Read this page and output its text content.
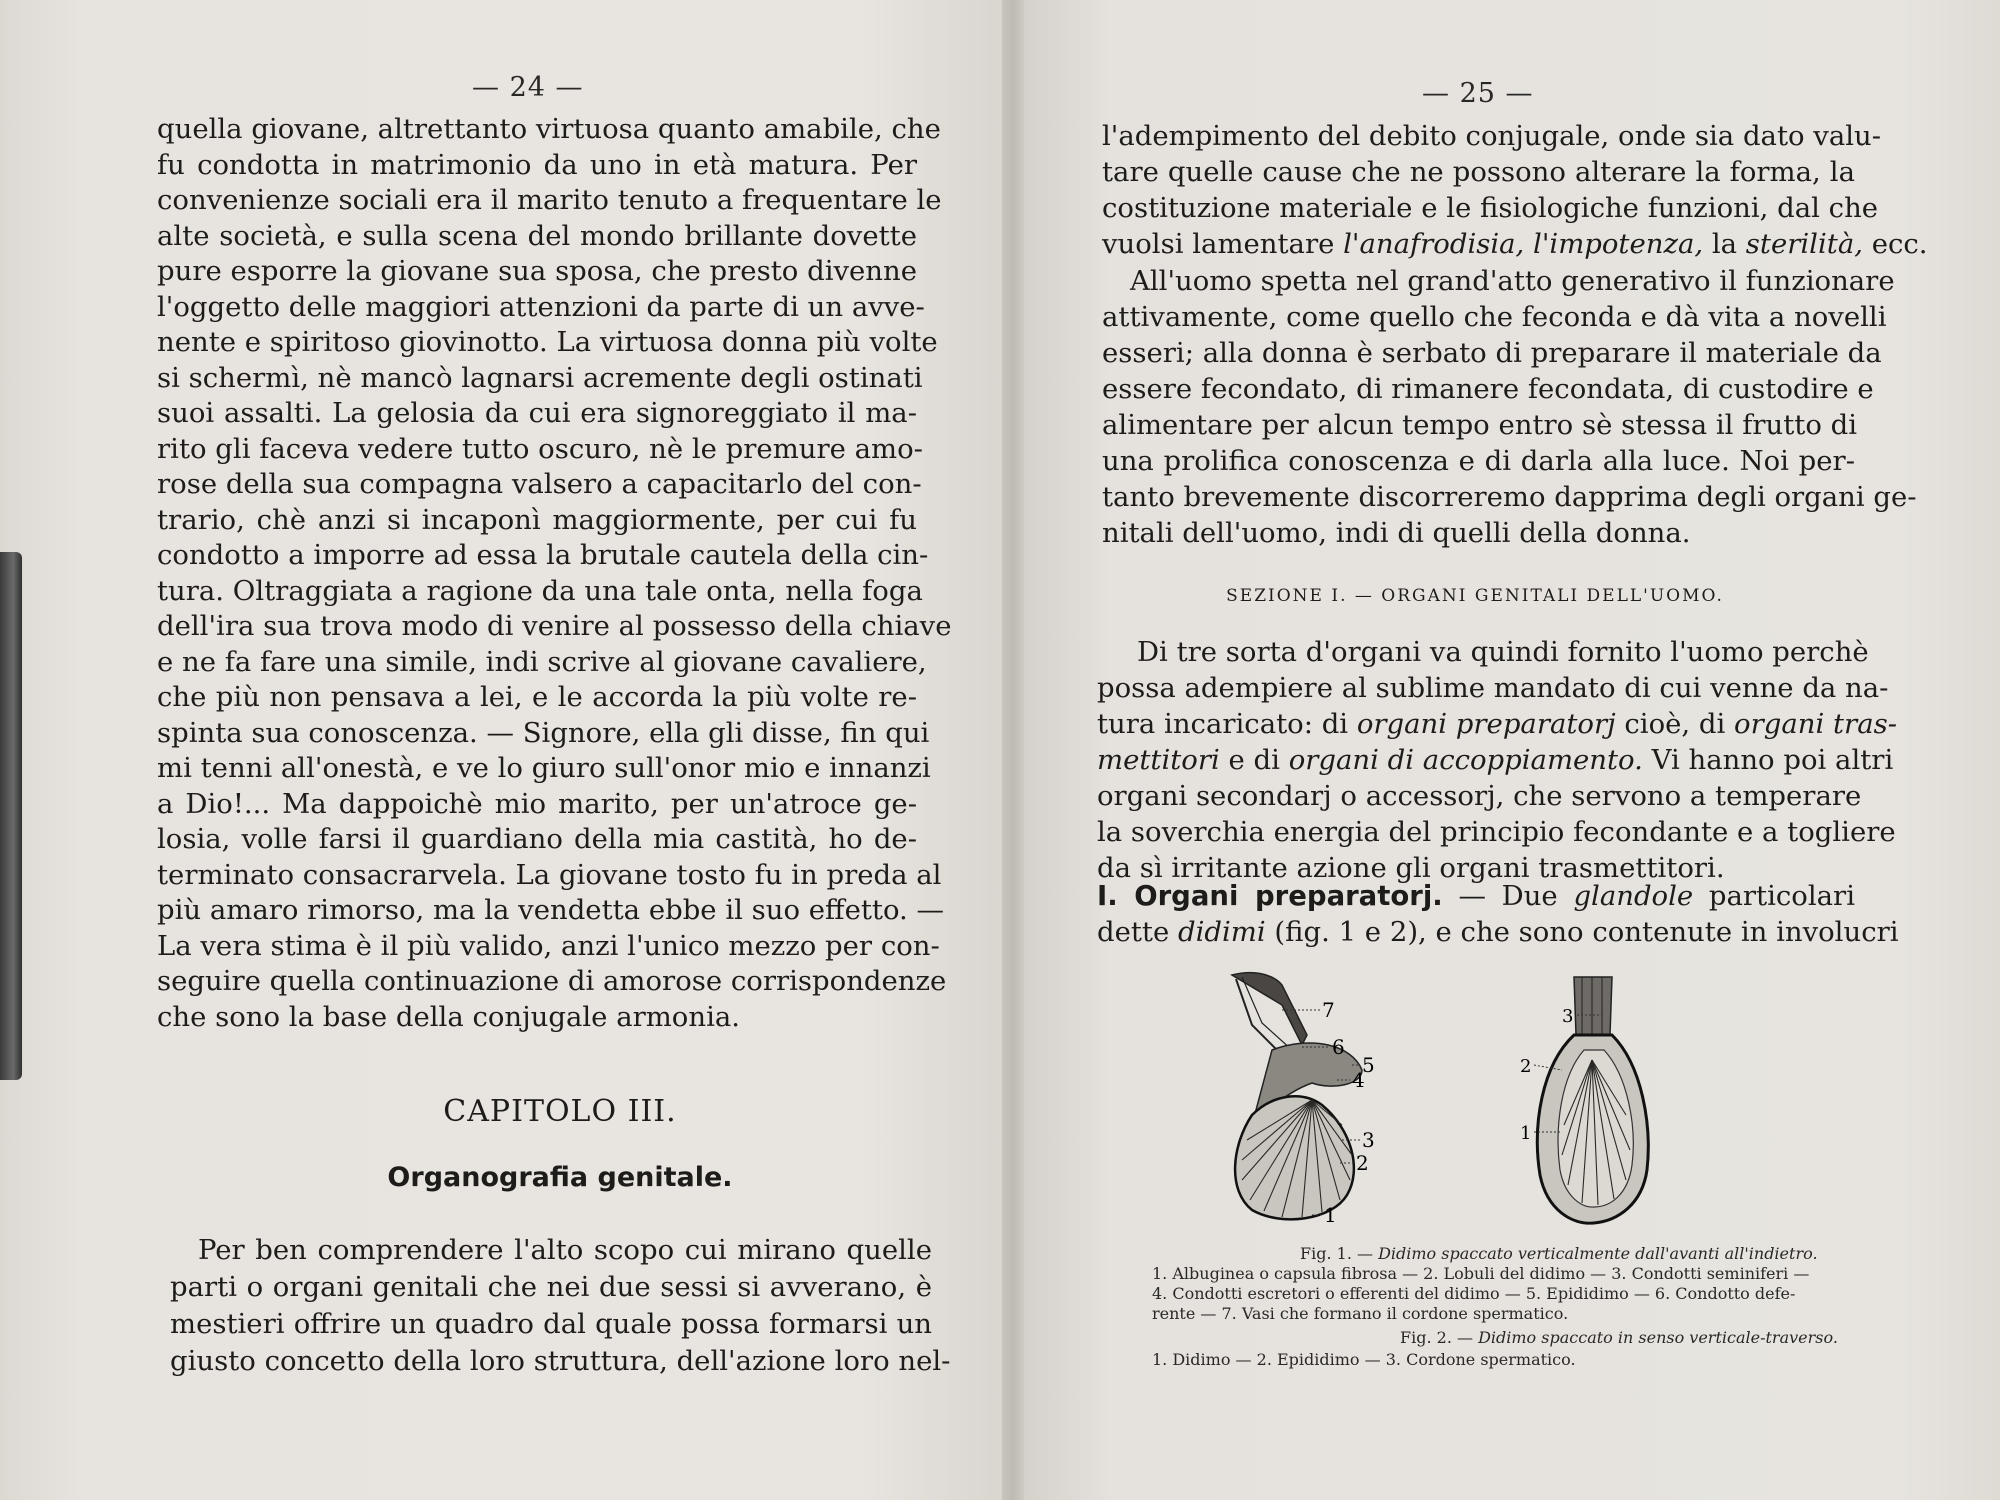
— 24 —
quella giovane, altrettanto virtuosa quanto amabile, che
fu condotta in matrimonio da uno in età matura. Per
convenienze sociali era il marito tenuto a frequentare le
alte società, e sulla scena del mondo brillante dovette
pure esporre la giovane sua sposa, che presto divenne
l'oggetto delle maggiori attenzioni da parte di un avve-
nente e spiritoso giovinotto. La virtuosa donna più volte
si schermì, nè mancò lagnarsi acremente degli ostinati
suoi assalti. La gelosia da cui era signoreggiato il ma-
rito gli faceva vedere tutto oscuro, nè le premure amo-
rose della sua compagna valsero a capacitarlo del con-
trario, chè anzi si incaponì maggiormente, per cui fu
condotto a imporre ad essa la brutale cautela della cin-
tura. Oltraggiata a ragione da una tale onta, nella foga
dell'ira sua trova modo di venire al possesso della chiave
e ne fa fare una simile, indi scrive al giovane cavaliere,
che più non pensava a lei, e le accorda la più volte re-
spinta sua conoscenza. — Signore, ella gli disse, fin qui
mi tenni all'onestà, e ve lo giuro sull'onor mio e innanzi
a Dio!... Ma dappoichè mio marito, per un'atroce ge-
losia, volle farsi il guardiano della mia castità, ho de-
terminato consacrarvela. La giovane tosto fu in preda al
più amaro rimorso, ma la vendetta ebbe il suo effetto. —
La vera stima è il più valido, anzi l'unico mezzo per con-
seguire quella continuazione di amorose corrispondenze
che sono la base della conjugale armonia.
CAPITOLO III.
Organografia genitale.
Per ben comprendere l'alto scopo cui mirano quelle
parti o organi genitali che nei due sessi si avverano, è
mestieri offrire un quadro dal quale possa formarsi un
giusto concetto della loro struttura, dell'azione loro nel-
— 25 —
l'adempimento del debito conjugale, onde sia dato valu-
tare quelle cause che ne possono alterare la forma, la
costituzione materiale e le fisiologiche funzioni, dal che
vuolsi lamentare l'anafrodisia, l'impotenza, la sterilità, ecc.
All'uomo spetta nel grand'atto generativo il funzionare
attivamente, come quello che feconda e dà vita a novelli
esseri; alla donna è serbato di preparare il materiale da
essere fecondato, di rimanere fecondata, di custodire e
alimentare per alcun tempo entro sè stessa il frutto di
una prolifica conoscenza e di darla alla luce. Noi per-
tanto brevemente discorreremo dapprima degli organi ge-
nitali dell'uomo, indi di quelli della donna.
SEZIONE I. — ORGANI GENITALI DELL'UOMO.
Di tre sorta d'organi va quindi fornito l'uomo perchè
possa adempiere al sublime mandato di cui venne da na-
tura incaricato: di organi preparatorj cioè, di organi tras-
mettitori e di organi di accoppiamento. Vi hanno poi altri
organi secondarj o accessorj, che servono a temperare
la soverchia energia del principio fecondante e a togliere
da sì irritante azione gli organi trasmettitori.
I. Organi preparatorj. — Due glandole particolari
dette didimi (fig. 1 e 2), e che sono contenute in involucri
7
6
5
4
3
2
1
3
2
1
Fig. 1. — Didimo spaccato verticalmente dall'avanti all'indietro.
1. Albuginea o capsula fibrosa — 2. Lobuli del didimo — 3. Condotti seminiferi —
4. Condotti escretori o efferenti del didimo — 5. Epididimo — 6. Condotto defe-
rente — 7. Vasi che formano il cordone spermatico.
Fig. 2. — Didimo spaccato in senso verticale-traverso.
1. Didimo — 2. Epididimo — 3. Cordone spermatico.
